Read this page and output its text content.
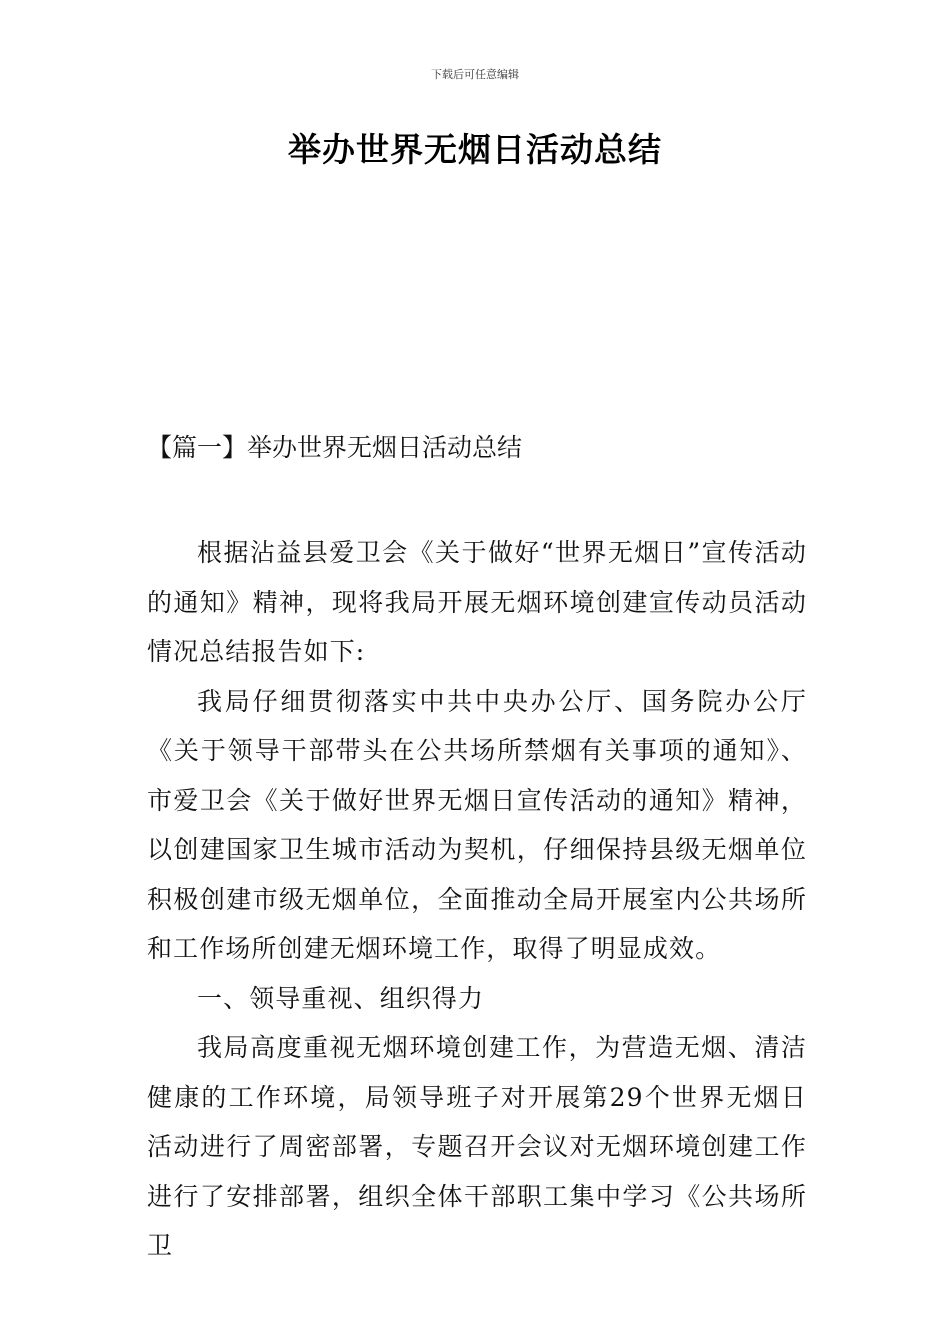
下载后可任意编辑
举办世界无烟日活动总结
【篇一】举办世界无烟日活动总结

根据沾益县爱卫会《关于做好“世界无烟日”宣传活动的通知》精神，现将我局开展无烟环境创建宣传动员活动情况总结报告如下:

我局仔细贯彻落实中共中央办公厅、国务院办公厅《关于领导干部带头在公共场所禁烟有关事项的通知》、市爱卫会《关于做好世界无烟日宣传活动的通知》精神，以创建国家卫生城市活动为契机，仔细保持县级无烟单位积极创建市级无烟单位，全面推动全局开展室内公共场所和工作场所创建无烟环境工作，取得了明显成效。

一、领导重视、组织得力

我局高度重视无烟环境创建工作，为营造无烟、清洁健康的工作环境，局领导班子对开展第29个世界无烟日活动进行了周密部署，专题召开会议对无烟环境创建工作进行了安排部署，组织全体干部职工集中学习《公共场所卫
